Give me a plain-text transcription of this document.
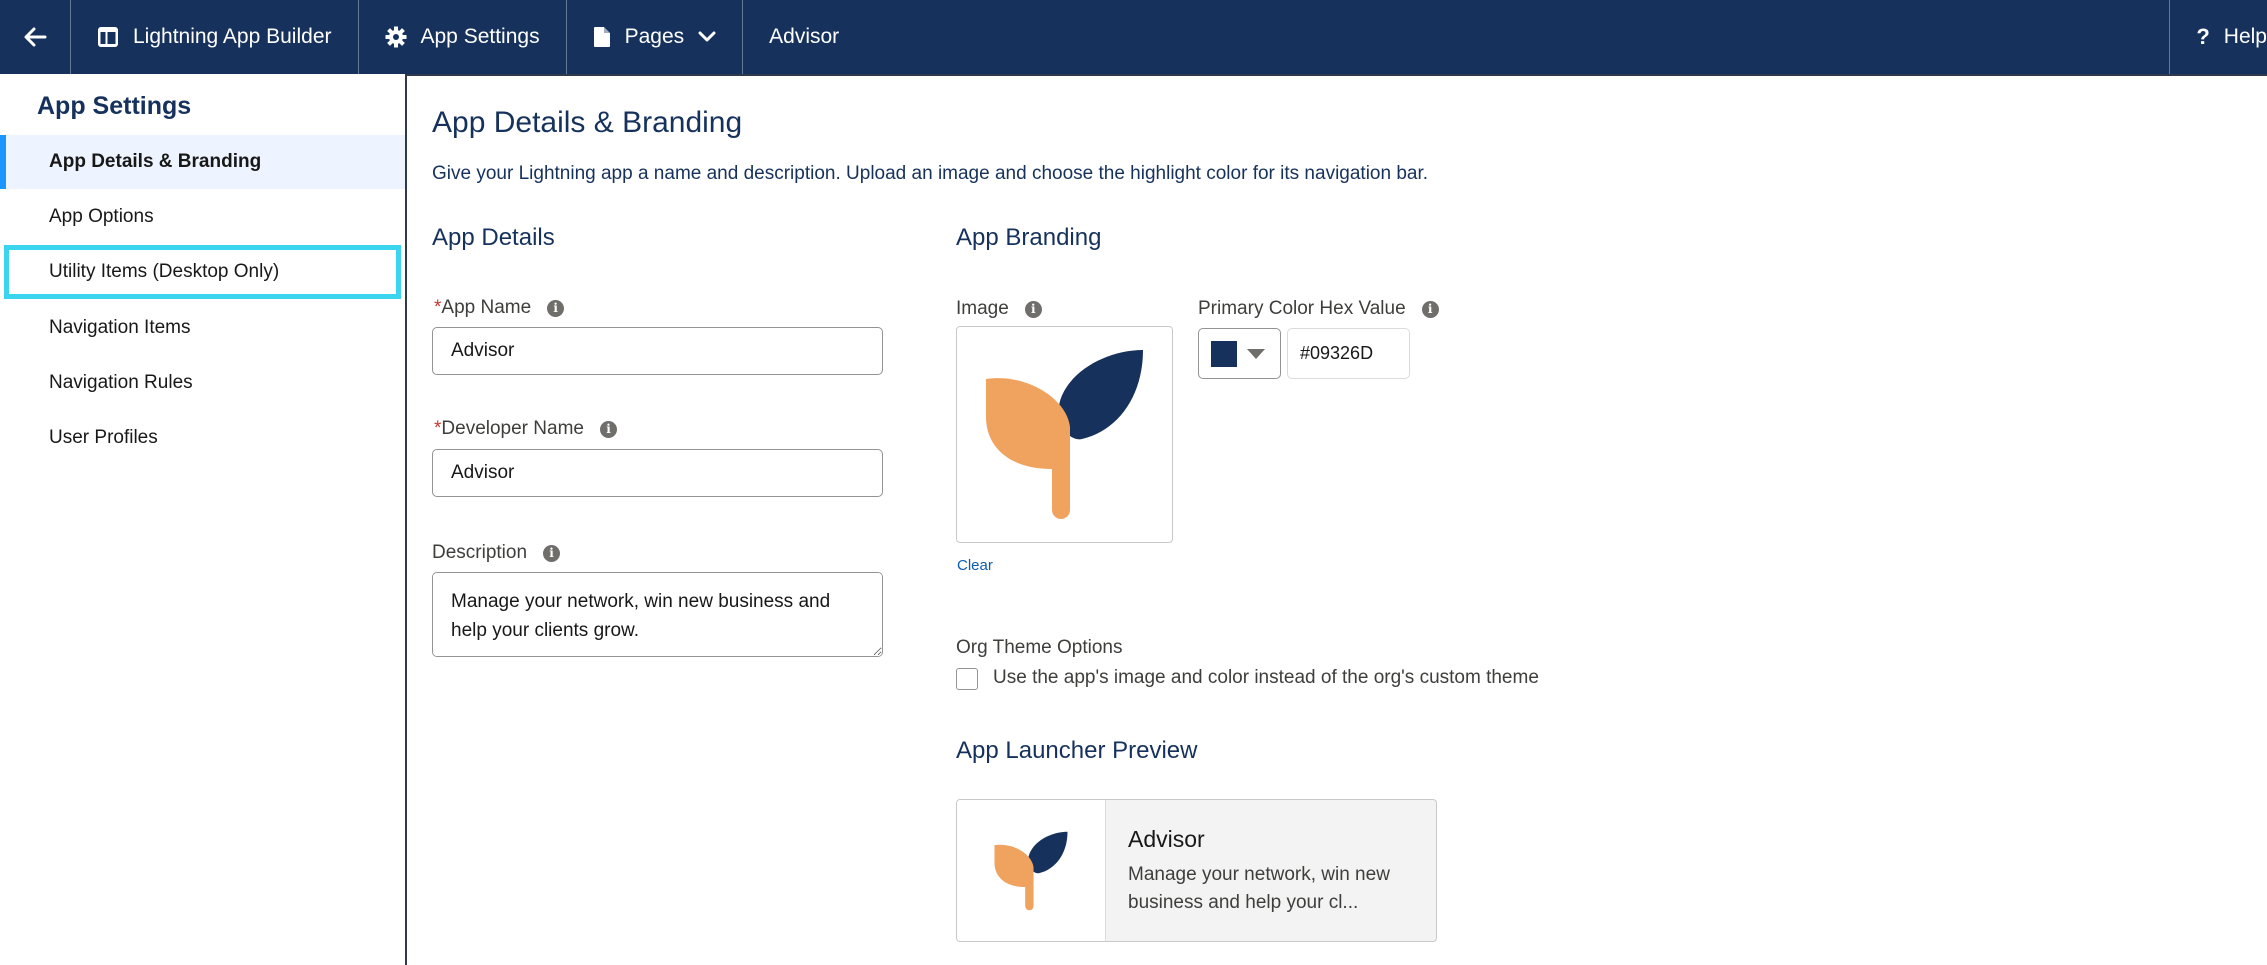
Lightning App Builder	App Settings	Pages	Advisor	? Help
App Settings
App Details & Branding
App Options
Utility Items (Desktop Only)
Navigation Items
Navigation Rules
User Profiles
App Details & Branding
Give your Lightning app a name and description. Upload an image and choose the highlight color for its navigation bar.
App Details
*App Name	i
Advisor
*Developer Name	i
Advisor
Description	i
Manage your network, win new business and help your clients grow.
App Branding
Image	i
Clear
Primary Color Hex Value	i
#09326D
Org Theme Options
Use the app's image and color instead of the org's custom theme
App Launcher Preview
Advisor
Manage your network, win new business and help your cl...
